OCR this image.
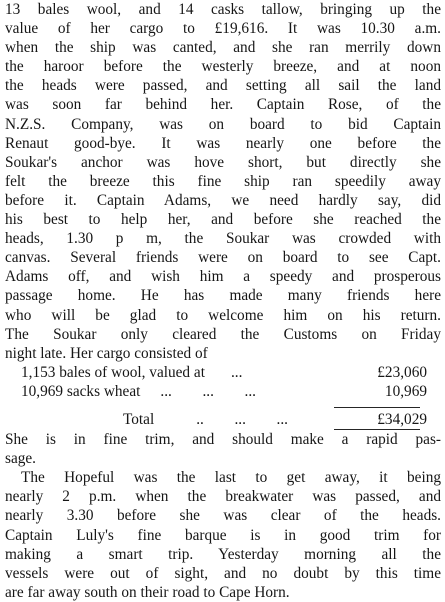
13 bales wool, and 14 casks tallow, bringing up the
value of her cargo to £19,616. It was 10.30 a.m.
when the ship was canted, and she ran merrily down
the haroor before the westerly breeze, and at noon
the heads were passed, and setting all sail the land
was soon far behind her. Captain Rose, of the
N.Z.S. Company, was on board to bid Captain
Renaut good-bye. It was nearly one before the
Soukar's anchor was hove short, but directly she
felt the breeze this fine ship ran speedily away
before it. Captain Adams, we need hardly say, did
his best to help her, and before she reached the
heads, 1.30 p m, the Soukar was crowded with
canvas. Several friends were on board to see Capt.
Adams off, and wish him a speedy and prosperous
passage home. He has made many friends here
who will be glad to welcome him on his return.
The Soukar only cleared the Customs on Friday
night late. Her cargo consisted of
1,153 bales of wool, valued at ...	£23,060
10,969 sacks wheat ...        ...        ...	10,969
Total	..        ...        ...	£34,029
She is in fine trim, and should make a rapid pas-
sage.
The Hopeful was the last to get away, it being
nearly 2 p.m. when the breakwater was passed, and
nearly 3.30 before she was clear of the heads.
Captain Luly's fine barque is in good trim for
making a smart trip. Yesterday morning all the
vessels were out of sight, and no doubt by this time
are far away south on their road to Cape Horn.
